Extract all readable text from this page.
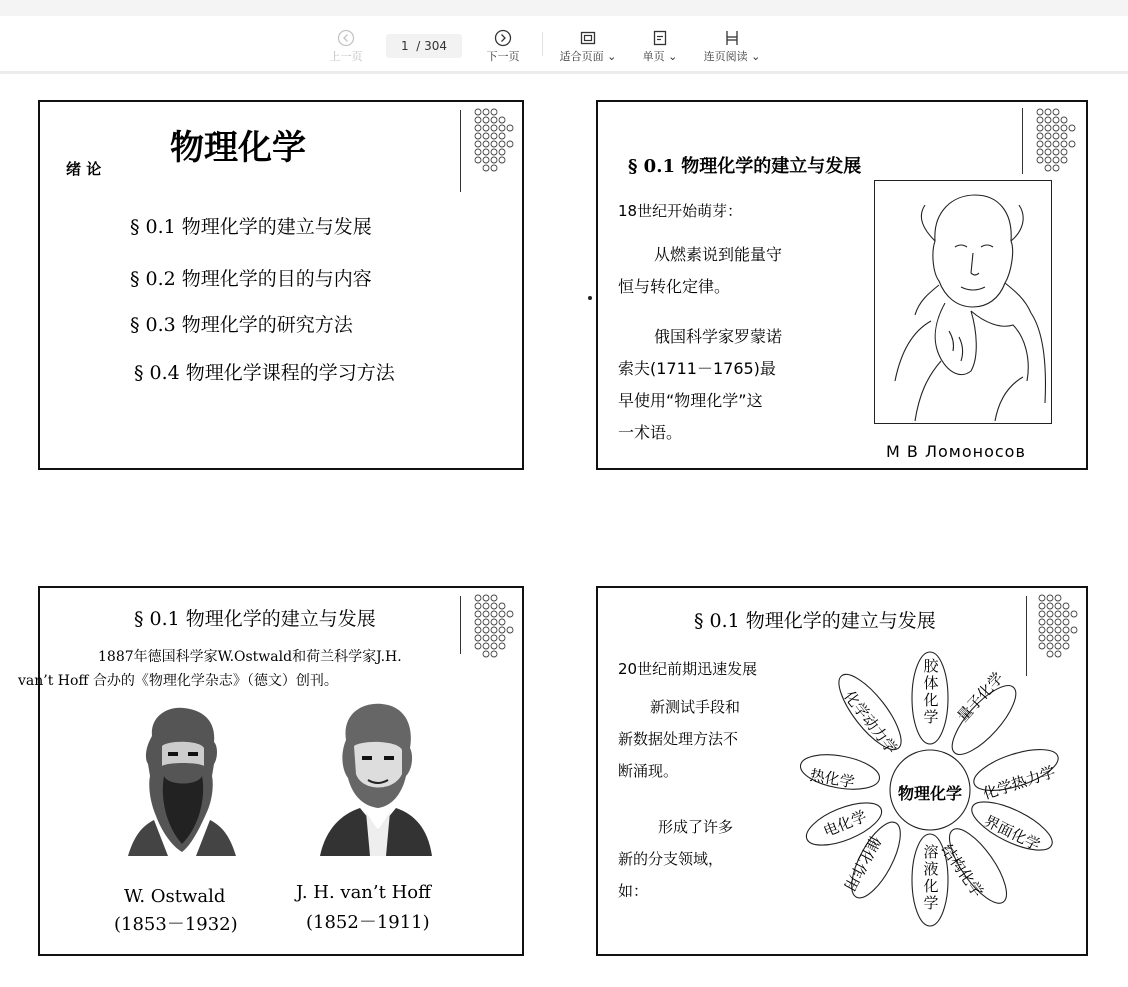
上一页
1
/ 304
下一页	适合页面 ⌄	单页 ⌄	连页阅读 ⌄
物理化学
绪 论
§ 0.1 物理化学的建立与发展
§ 0.2 物理化学的目的与内容
§ 0.3 物理化学的研究方法
§ 0.4 物理化学课程的学习方法
§ 0.1 物理化学的建立与发展
18世纪开始萌芽：
从燃素说到能量守
恒与转化定律。
俄国科学家罗蒙诺
索夫(1711－1765)最
早使用“物理化学”这
一术语。
M B Ломоносов
§ 0.1 物理化学的建立与发展
1887年德国科学家W.Ostwald和荷兰科学家J.H.
van’t Hoff 合办的《物理化学杂志》（德文）创刊。
W. Ostwald
(1853－1932)
J. H. van’t Hoff
(1852－1911)
§ 0.1 物理化学的建立与发展
20世纪前期迅速发展
新测试手段和
新数据处理方法不
断涌现。
形成了许多
新的分支领域，
如：
物理化学
胶体化学 量子化学
化学热力学
界面化学
结构化学
溶液化学
催化作用
电化学
热化学
化学动力学
